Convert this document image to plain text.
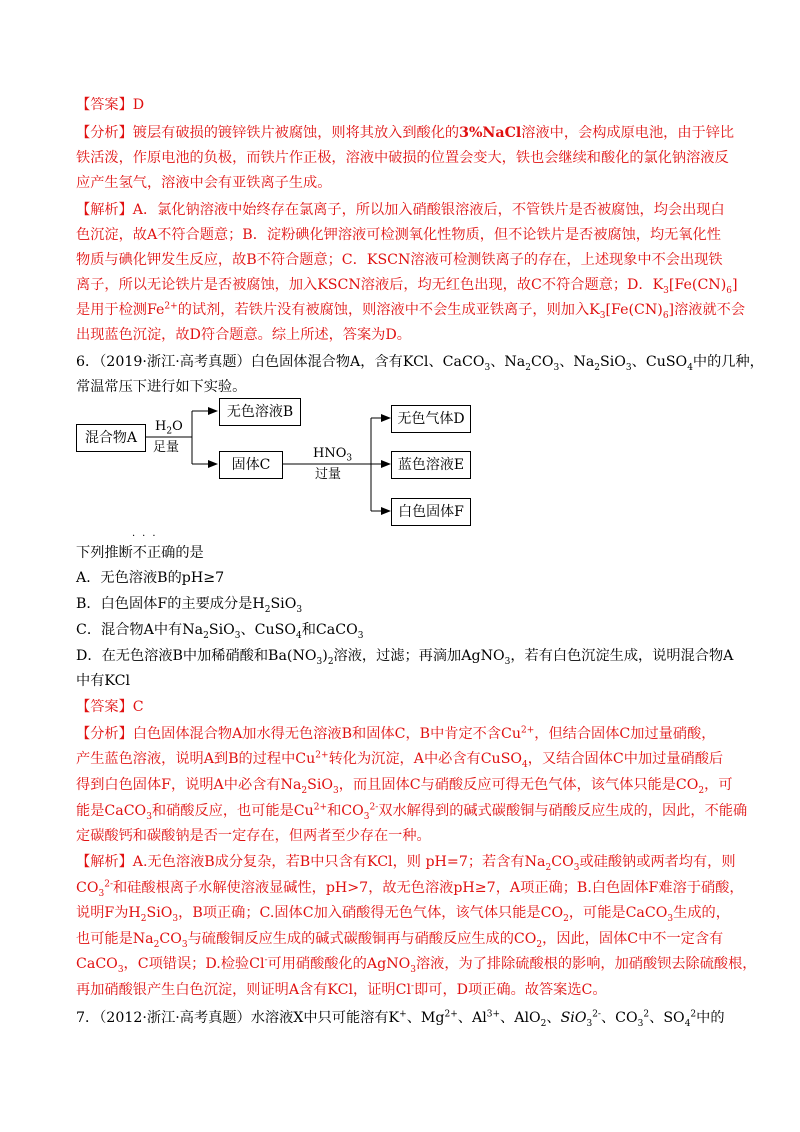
【答案】D
【分析】镀层有破损的镀锌铁片被腐蚀，则将其放入到酸化的3%NaCl溶液中，会构成原电池，由于锌比
铁活泼，作原电池的负极，而铁片作正极，溶液中破损的位置会变大，铁也会继续和酸化的氯化钠溶液反
应产生氢气，溶液中会有亚铁离子生成。
【解析】A．氯化钠溶液中始终存在氯离子，所以加入硝酸银溶液后，不管铁片是否被腐蚀，均会出现白
色沉淀，故A不符合题意；B．淀粉碘化钾溶液可检测氧化性物质，但不论铁片是否被腐蚀，均无氧化性
物质与碘化钾发生反应，故B不符合题意；C．KSCN溶液可检测铁离子的存在，上述现象中不会出现铁
离子，所以无论铁片是否被腐蚀，加入KSCN溶液后，均无红色出现，故C不符合题意；D．$K_3[Fe(CN)_6]$
是用于检测$Fe^{2+}$的试剂，若铁片没有被腐蚀，则溶液中不会生成亚铁离子，则加入$K_3[Fe(CN)_6]$溶液就不会
出现蓝色沉淀，故D符合题意。综上所述，答案为D。
6．（2019·浙江·高考真题）白色固体混合物A，含有KCl、CaCO$_3$、$Na_2CO_3$、$Na_2SiO_3$、CuSO$_4$中的几种，
常温常压下进行如下实验。
混合物A
无色溶液B
固体C
无色气体D
蓝色溶液E
白色固体F
$H_2O$
足量	$HNO_3$
过量
···
下列推断不正确的是
A．无色溶液B的pH≥7
B．白色固体F的主要成分是$H_2SiO_3$
C．混合物A中有$Na_2SiO_3$、CuSO$_4$和CaCO$_3$
D．在无色溶液B中加稀硝酸和$Ba(NO_3)_2$溶液，过滤；再滴加AgNO$_3$，若有白色沉淀生成，说明混合物A
中有KCl
【答案】C
【分析】白色固体混合物A加水得无色溶液B和固体C，B中肯定不含$Cu^{2+}$，但结合固体C加过量硝酸，
产生蓝色溶液，说明A到B的过程中$Cu^{2+}$转化为沉淀，A中必含有CuSO$_4$，又结合固体C中加过量硝酸后
得到白色固体F，说明A中必含有$Na_2SiO_3$，而且固体C与硝酸反应可得无色气体，该气体只能是$CO_2$，可
能是CaCO$_3$和硝酸反应，也可能是$Cu^{2+}$和$CO_3^{2-}$双水解得到的碱式碳酸铜与硝酸反应生成的，因此，不能确
定碳酸钙和碳酸钠是否一定存在，但两者至少存在一种。
【解析】A.无色溶液B成分复杂，若B中只含有KCl，则 pH=7；若含有$Na_2CO_3$或硅酸钠或两者均有，则
$CO_3^{2-}$和硅酸根离子水解使溶液显碱性，pH>7，故无色溶液pH≥7，A项正确；B.白色固体F难溶于硝酸，
说明F为$H_2SiO_3$，B项正确；C.固体C加入硝酸得无色气体，该气体只能是$CO_2$，可能是CaCO$_3$生成的，
也可能是$Na_2CO_3$与硫酸铜反应生成的碱式碳酸铜再与硝酸反应生成的$CO_2$，因此，固体C中不一定含有
CaCO$_3$，C项错误；D.检验Cl-可用硝酸酸化的AgNO$_3$溶液，为了排除硫酸根的影响，加硝酸钡去除硫酸根，
再加硝酸银产生白色沉淀，则证明A含有KCl，证明Cl-即可，D项正确。故答案选C。
7．（2012·浙江·高考真题）水溶液X中只可能溶有K+、$Mg^{2+}$、$Al^{3+}$、AlO$_2$、SiO$_3^{2-}$、$CO_3^2$、$SO_4^2$中的
